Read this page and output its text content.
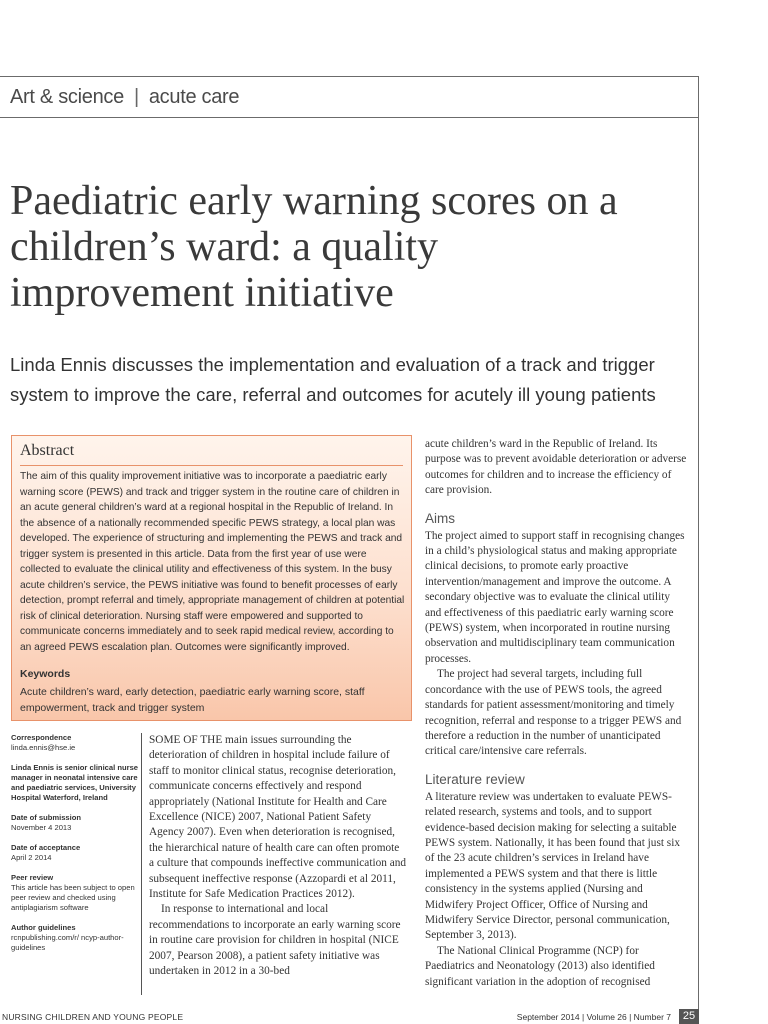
Art & science | acute care
Paediatric early warning scores on a children’s ward: a quality improvement initiative

Linda Ennis discusses the implementation and evaluation of a track and trigger system to improve the care, referral and outcomes for acutely ill young patients

Abstract

The aim of this quality improvement initiative was to incorporate a paediatric early warning score (PEWS) and track and trigger system in the routine care of children in an acute general children’s ward at a regional hospital in the Republic of Ireland. In the absence of a nationally recommended specific PEWS strategy, a local plan was developed. The experience of structuring and implementing the PEWS and track and trigger system is presented in this article. Data from the first year of use were collected to evaluate the clinical utility and effectiveness of this system. In the busy acute children’s service, the PEWS initiative was found to benefit processes of early detection, prompt referral and timely, appropriate management of children at potential risk of clinical deterioration. Nursing staff were empowered and supported to communicate concerns immediately and to seek rapid medical review, according to an agreed PEWS escalation plan. Outcomes were significantly improved.

Keywords

Acute children’s ward, early detection, paediatric early warning score, staff empowerment, track and trigger system

Correspondence
linda.ennis@hse.ie
Linda Ennis is senior clinical nurse manager in neonatal intensive care and paediatric services, University Hospital Waterford, Ireland
Date of submission
November 4 2013
Date of acceptance
April 2 2014
Peer review
This article has been subject to open peer review and checked using antiplagiarism software
Author guidelines
rcnpublishing.com/r/ ncyp-author-guidelines

SOME OF THE main issues surrounding the deterioration of children in hospital include failure of staff to monitor clinical status, recognise deterioration, communicate concerns effectively and respond appropriately (National Institute for Health and Care Excellence (NICE) 2007, National Patient Safety Agency 2007). Even when deterioration is recognised, the hierarchical nature of health care can often promote a culture that compounds ineffective communication and subsequent ineffective response (Azzopardi et al 2011, Institute for Safe Medication Practices 2012).

In response to international and local recommendations to incorporate an early warning score in routine care provision for children in hospital (NICE 2007, Pearson 2008), a patient safety initiative was undertaken in 2012 in a 30-bed

acute children’s ward in the Republic of Ireland. Its purpose was to prevent avoidable deterioration or adverse outcomes for children and to increase the efficiency of care provision.

Aims

The project aimed to support staff in recognising changes in a child’s physiological status and making appropriate clinical decisions, to promote early proactive intervention/management and improve the outcome. A secondary objective was to evaluate the clinical utility and effectiveness of this paediatric early warning score (PEWS) system, when incorporated in routine nursing observation and multidisciplinary team communication processes.

The project had several targets, including full concordance with the use of PEWS tools, the agreed standards for patient assessment/monitoring and timely recognition, referral and response to a trigger PEWS and therefore a reduction in the number of unanticipated critical care/intensive care referrals.

Literature review

A literature review was undertaken to evaluate PEWS-related research, systems and tools, and to support evidence-based decision making for selecting a suitable PEWS system. Nationally, it has been found that just six of the 23 acute children’s services in Ireland have implemented a PEWS system and that there is little consistency in the systems applied (Nursing and Midwifery Project Officer, Office of Nursing and Midwifery Service Director, personal communication, September 3, 2013).

The National Clinical Programme (NCP) for Paediatrics and Neonatology (2013) also identified significant variation in the adoption of recognised

NURSING CHILDREN AND YOUNG PEOPLE	September 2014 | Volume 26 | Number 7	25
